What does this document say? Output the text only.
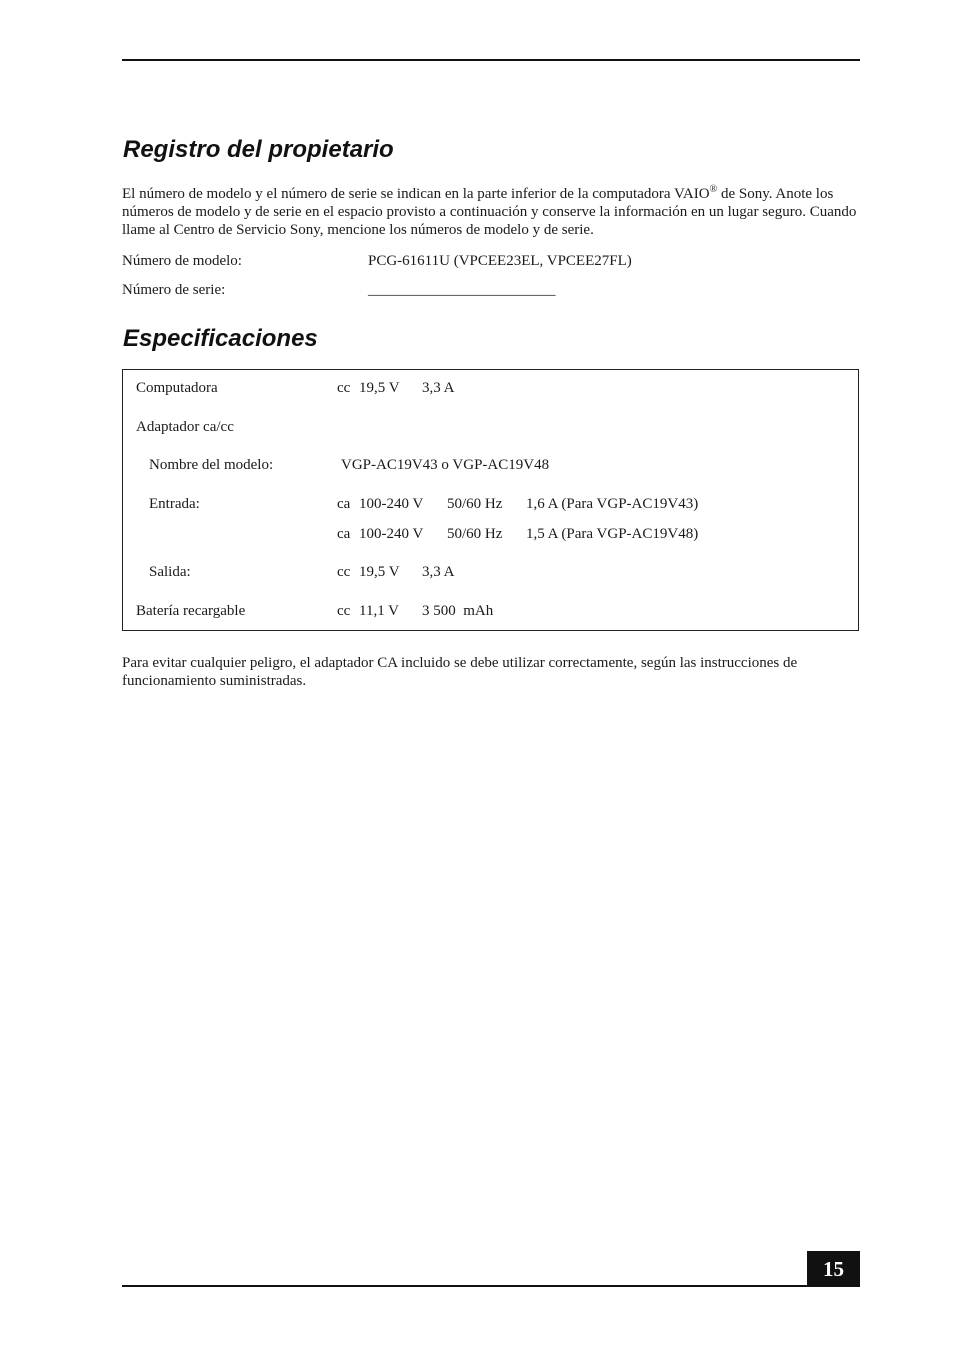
Registro del propietario

El número de modelo y el número de serie se indican en la parte inferior de la computadora VAIO® de Sony. Anote los números de modelo y de serie en el espacio provisto a continuación y conserve la información en un lugar seguro. Cuando llame al Centro de Servicio Sony, mencione los números de modelo y de serie.

Número de modelo:	PCG-61611U (VPCEE23EL, VPCEE27FL)
Número de serie:	_________________________
Especificaciones
Computadora	cc 19,5 V 3,3 A
Adaptador ca/cc
Nombre del modelo:	VGP-AC19V43 o VGP-AC19V48
Entrada:	ca 100-240 V 50/60 Hz 1,6 A (Para VGP-AC19V43)
ca 100-240 V 50/60 Hz 1,5 A (Para VGP-AC19V48)
Salida:	cc 19,5 V 3,3 A
Batería recargable	cc 11,1 V 3 500  mAh

Para evitar cualquier peligro, el adaptador CA incluido se debe utilizar correctamente, según las instrucciones de funcionamiento suministradas.

15
